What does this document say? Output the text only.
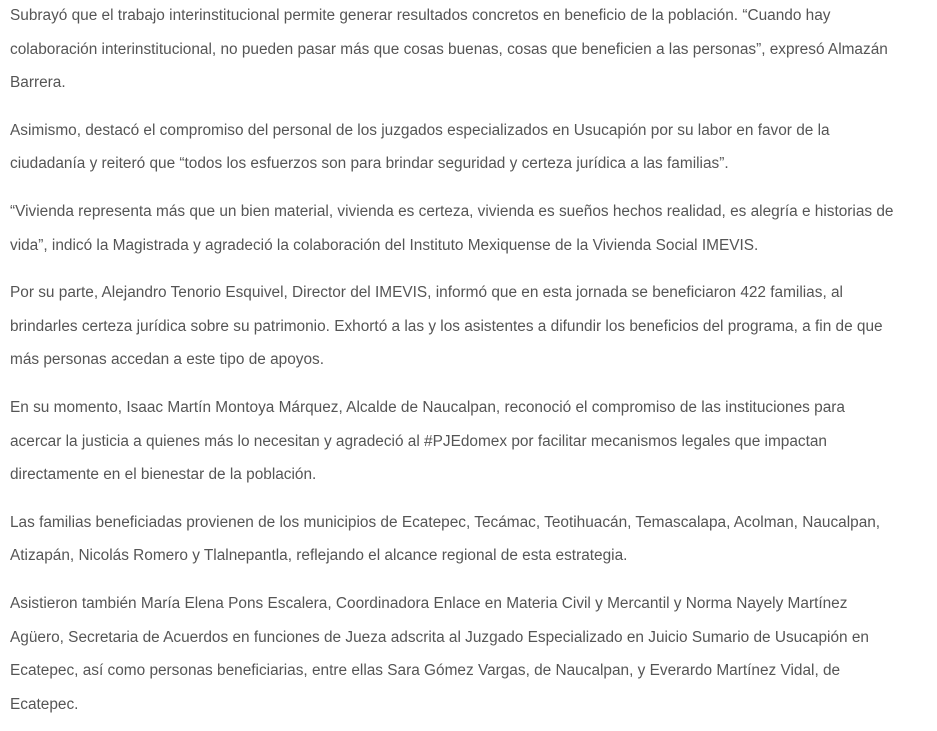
Subrayó que el trabajo interinstitucional permite generar resultados concretos en beneficio de la población. “Cuando hay colaboración interinstitucional, no pueden pasar más que cosas buenas, cosas que beneficien a las personas”, expresó Almazán Barrera.

Asimismo, destacó el compromiso del personal de los juzgados especializados en Usucapión por su labor en favor de la ciudadanía y reiteró que “todos los esfuerzos son para brindar seguridad y certeza jurídica a las familias”.

“Vivienda representa más que un bien material, vivienda es certeza, vivienda es sueños hechos realidad, es alegría e historias de vida”, indicó la Magistrada y agradeció la colaboración del Instituto Mexiquense de la Vivienda Social IMEVIS.

Por su parte, Alejandro Tenorio Esquivel, Director del IMEVIS, informó que en esta jornada se beneficiaron 422 familias, al brindarles certeza jurídica sobre su patrimonio. Exhortó a las y los asistentes a difundir los beneficios del programa, a fin de que más personas accedan a este tipo de apoyos.

En su momento, Isaac Martín Montoya Márquez, Alcalde de Naucalpan, reconoció el compromiso de las instituciones para acercar la justicia a quienes más lo necesitan y agradeció al #PJEdomex por facilitar mecanismos legales que impactan directamente en el bienestar de la población.

Las familias beneficiadas provienen de los municipios de Ecatepec, Tecámac, Teotihuacán, Temascalapa, Acolman, Naucalpan, Atizapán, Nicolás Romero y Tlalnepantla, reflejando el alcance regional de esta estrategia.

Asistieron también María Elena Pons Escalera, Coordinadora Enlace en Materia Civil y Mercantil y Norma Nayely Martínez Agüero, Secretaria de Acuerdos en funciones de Jueza adscrita al Juzgado Especializado en Juicio Sumario de Usucapión en Ecatepec, así como personas beneficiarias, entre ellas Sara Gómez Vargas, de Naucalpan, y Everardo Martínez Vidal, de Ecatepec.
